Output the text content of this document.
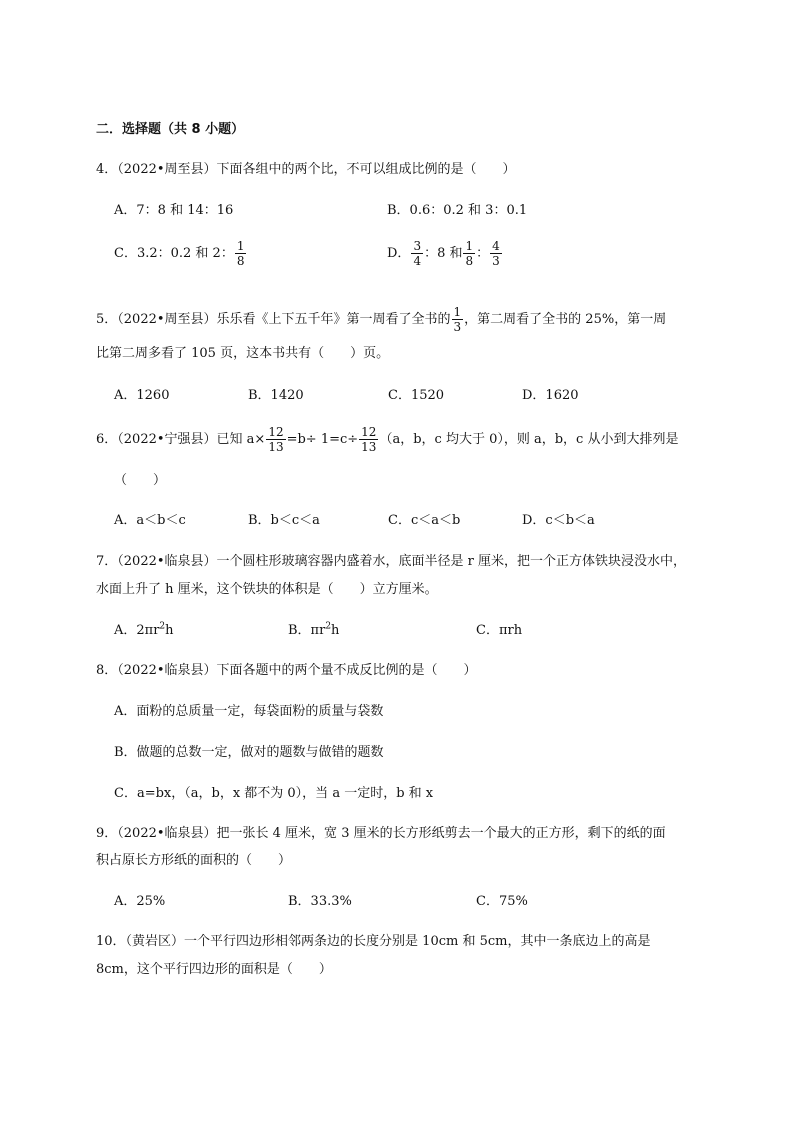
二．选择题（共 8 小题）
4．（2022•周至县）下面各组中的两个比，不可以组成比例的是（　　）
A．7：8 和 14：16	B．0.6：0.2 和 3：0.1
C．3.2：0.2 和 2： $\frac{1}{8}$	D． $\frac{3}{4}$ ：8 和 $\frac{1}{8}$ ： $\frac{4}{3}$
5．（2022•周至县）乐乐看《上下五千年》第一周看了全书的 $\frac{1}{3}$ ，第二周看了全书的 25%，第一周
比第二周多看了 105 页，这本书共有（　　）页。
A．1260	B．1420	C．1520	D．1620
6．（2022•宁强县）已知 $a\times \frac{12}{13} =b\div 1=c\div \frac{12}{13} (a$，b，c 均大于 0），则 a，b，c 从小到大排列是
（　　）
A．a＜b＜c	B．b＜c＜a	C．c＜a＜b	D．c＜b＜a
7．（2022•临泉县）一个圆柱形玻璃容器内盛着水，底面半径是 r 厘米，把一个正方体铁块浸没水中，
水面上升了 h 厘米，这个铁块的体积是（　　）立方厘米。
A．$2\pi r^2h$	B．$\pi r^2h$	C．πrh
8．（2022•临泉县）下面各题中的两个量不成反比例的是（　　）
A．面粉的总质量一定，每袋面粉的质量与袋数
B．做题的总数一定，做对的题数与做错的题数
C．a=bx，（a，b，x 都不为 0），当 a 一定时，b 和 x
9．（2022•临泉县）把一张长 4 厘米，宽 3 厘米的长方形纸剪去一个最大的正方形，剩下的纸的面
积占原长方形纸的面积的（　　）
A．25%	B．33.3%	C．75%
10．（黄岩区）一个平行四边形相邻两条边的长度分别是 10cm 和 5cm，其中一条底边上的高是
8cm，这个平行四边形的面积是（　　）
